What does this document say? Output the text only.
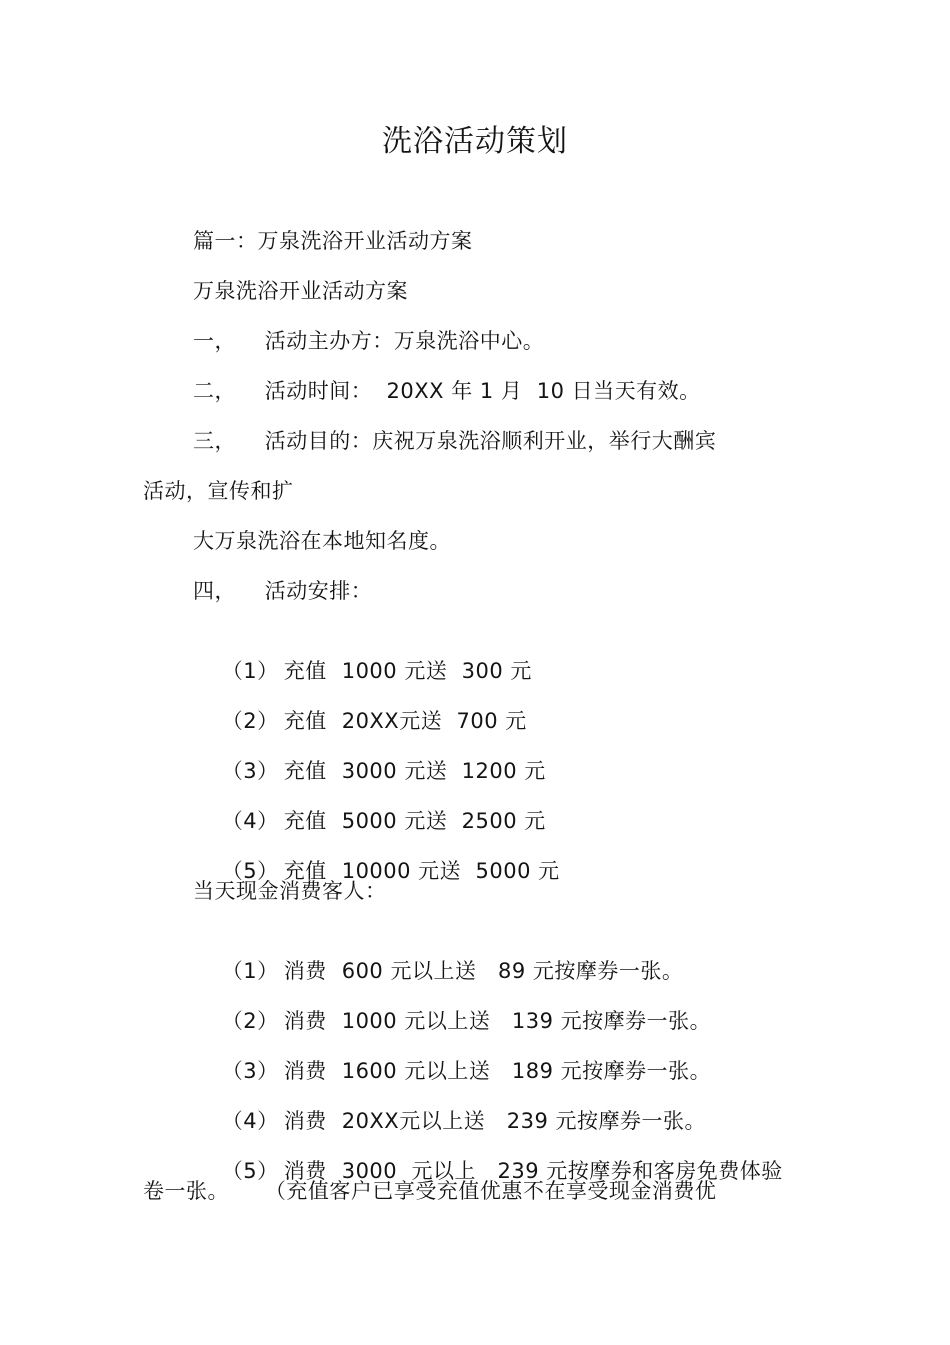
洗浴活动策划
篇一：万泉洗浴开业活动方案
万泉洗浴开业活动方案
一，    活动主办方：万泉洗浴中心。
二，    活动时间：  20XX 年 1 月  10 日当天有效。
三，    活动目的：庆祝万泉洗浴顺利开业，举行大酬宾
活动，宣传和扩
大万泉洗浴在本地知名度。
四，    活动安排：

（1） 充值 1000 元送  300 元

（2） 充值 20XX元送  700 元

（3） 充值 3000 元送  1200 元

（4） 充值 5000 元送  2500 元

（5） 充值 10000 元送  5000 元

当天现金消费客人：

（1） 消费 600 元以上送   89 元按摩券一张。

（2） 消费 1000 元以上送   139 元按摩券一张。

（3） 消费 1600 元以上送   189 元按摩券一张。

（4） 消费 20XX元以上送   239 元按摩券一张。

（5） 消费 3000  元以上   239 元按摩券和客房免费体验

卷一张。     （充值客户已享受充值优惠不在享受现金消费优
